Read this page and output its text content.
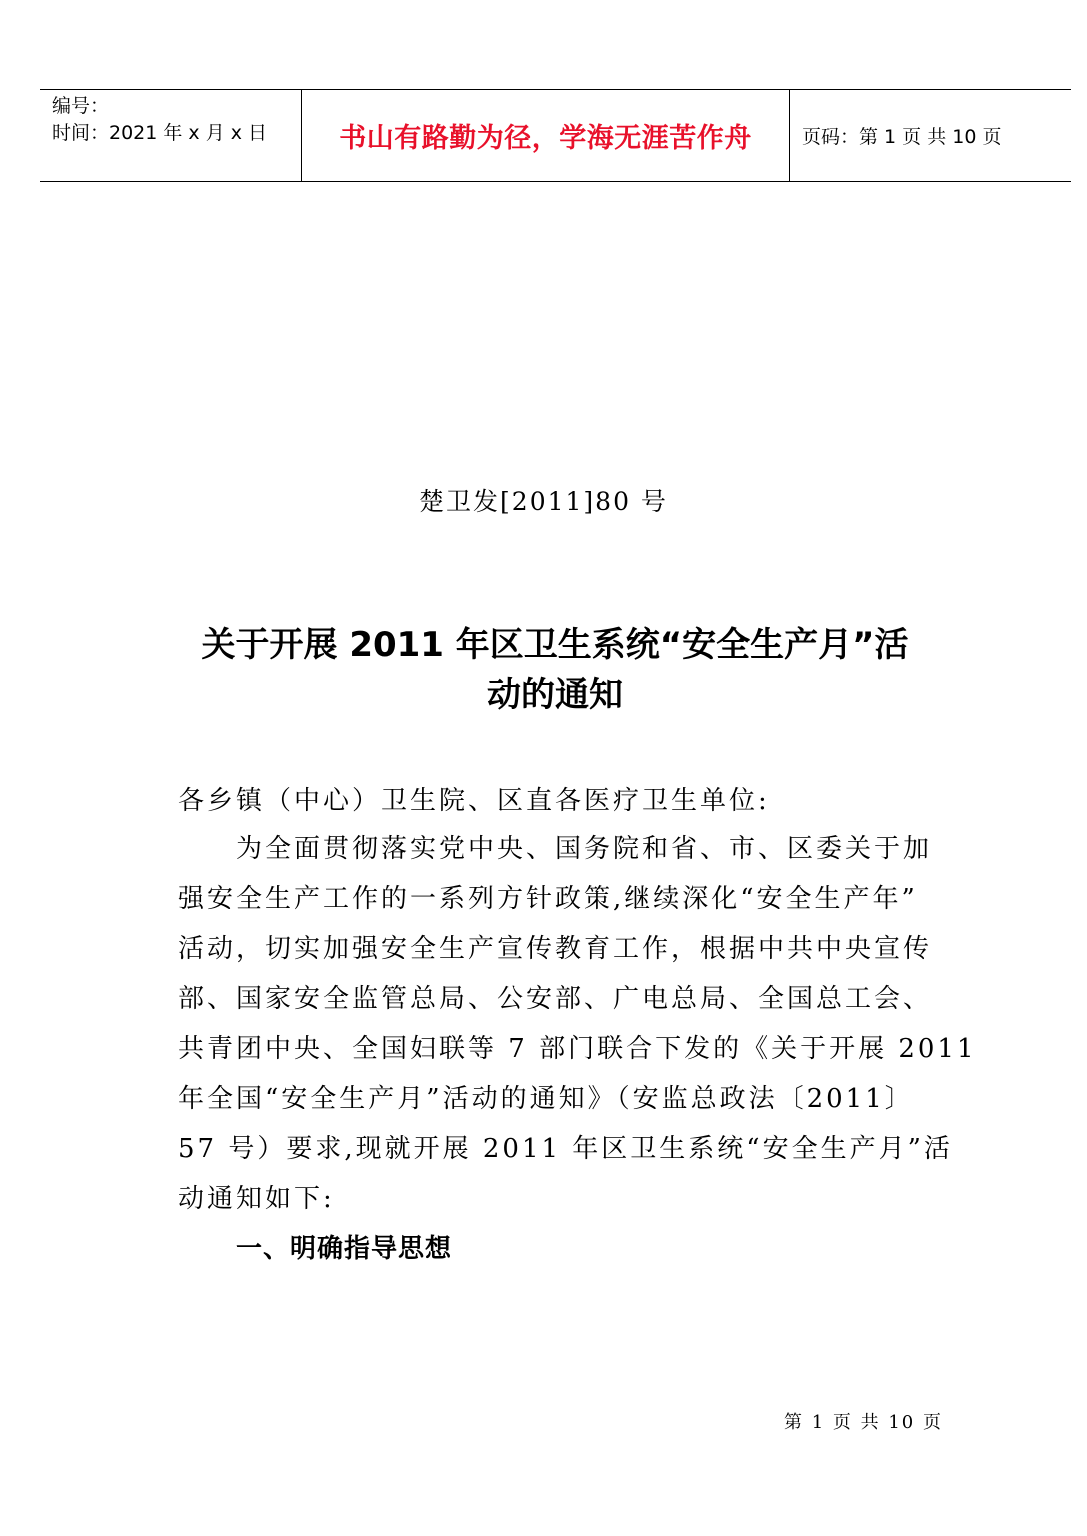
编号：
时间：2021 年 x 月 x 日	书山有路勤为径，学海无涯苦作舟	页码：第 1 页 共 10 页
楚卫发[2011]80 号
关于开展 2011 年区卫生系统“安全生产月”活
动的通知
各乡镇（中心）卫生院、区直各医疗卫生单位:
为全面贯彻落实党中央、国务院和省、市、区委关于加
强安全生产工作的一系列方针政策,继续深化“安全生产年”
活动，切实加强安全生产宣传教育工作，根据中共中央宣传
部、国家安全监管总局、公安部、广电总局、全国总工会、
共青团中央、全国妇联等 7 部门联合下发的《关于开展 2011
年全国“安全生产月”活动的通知》（安监总政法〔2011〕
57 号）要求,现就开展 2011 年区卫生系统“安全生产月”活
动通知如下:
一、明确指导思想
第 1 页 共 10 页
